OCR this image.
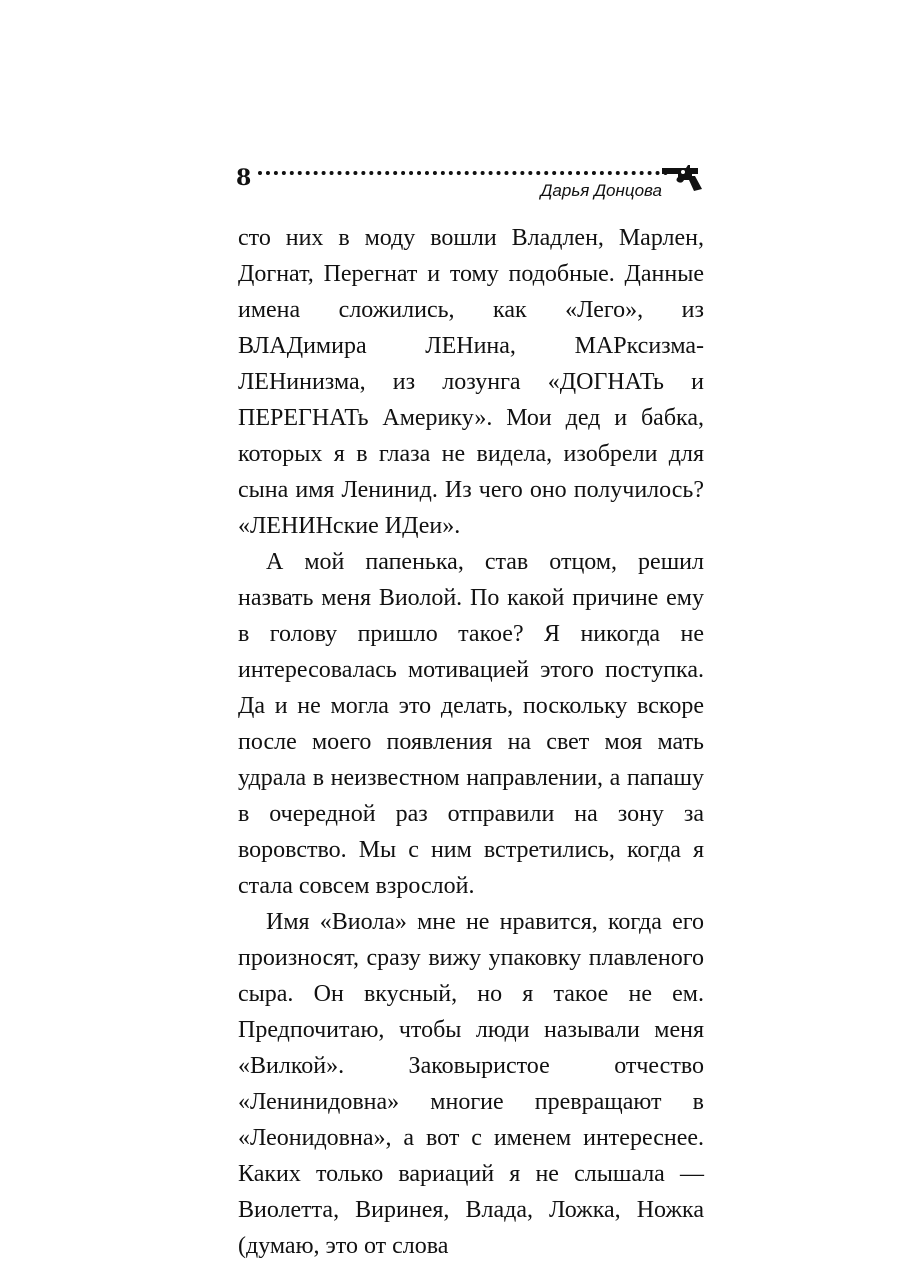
8	Дарья Донцова

сто них в моду вошли Владлен, Марлен, Догнат, Перегнат и тому подобные. Данные имена сложились, как «Лего», из ВЛАДимира ЛЕНина, МАРксизма-ЛЕНинизма, из лозунга «ДОГНАТь и ПЕРЕГНАТь Америку». Мои дед и бабка, которых я в глаза не видела, изобрели для сына имя Ленинид. Из чего оно получилось? «ЛЕНИНские ИДеи».

А мой папенька, став отцом, решил назвать меня Виолой. По какой причине ему в голову пришло такое? Я никогда не интересовалась мотивацией этого поступка. Да и не могла это делать, поскольку вскоре после моего появления на свет моя мать удрала в неизвестном направлении, а папашу в очередной раз отправили на зону за воровство. Мы с ним встретились, когда я стала совсем взрослой.

Имя «Виола» мне не нравится, когда его произносят, сразу вижу упаковку плавленого сыра. Он вкусный, но я такое не ем. Предпочитаю, чтобы люди называли меня «Вилкой». Заковыристое отчество «Ленинидовна» многие превращают в «Леонидовна», а вот с именем интереснее. Каких только вариаций я не слышала — Виолетта, Виринея, Влада, Ложка, Ножка (думаю, это от слова
